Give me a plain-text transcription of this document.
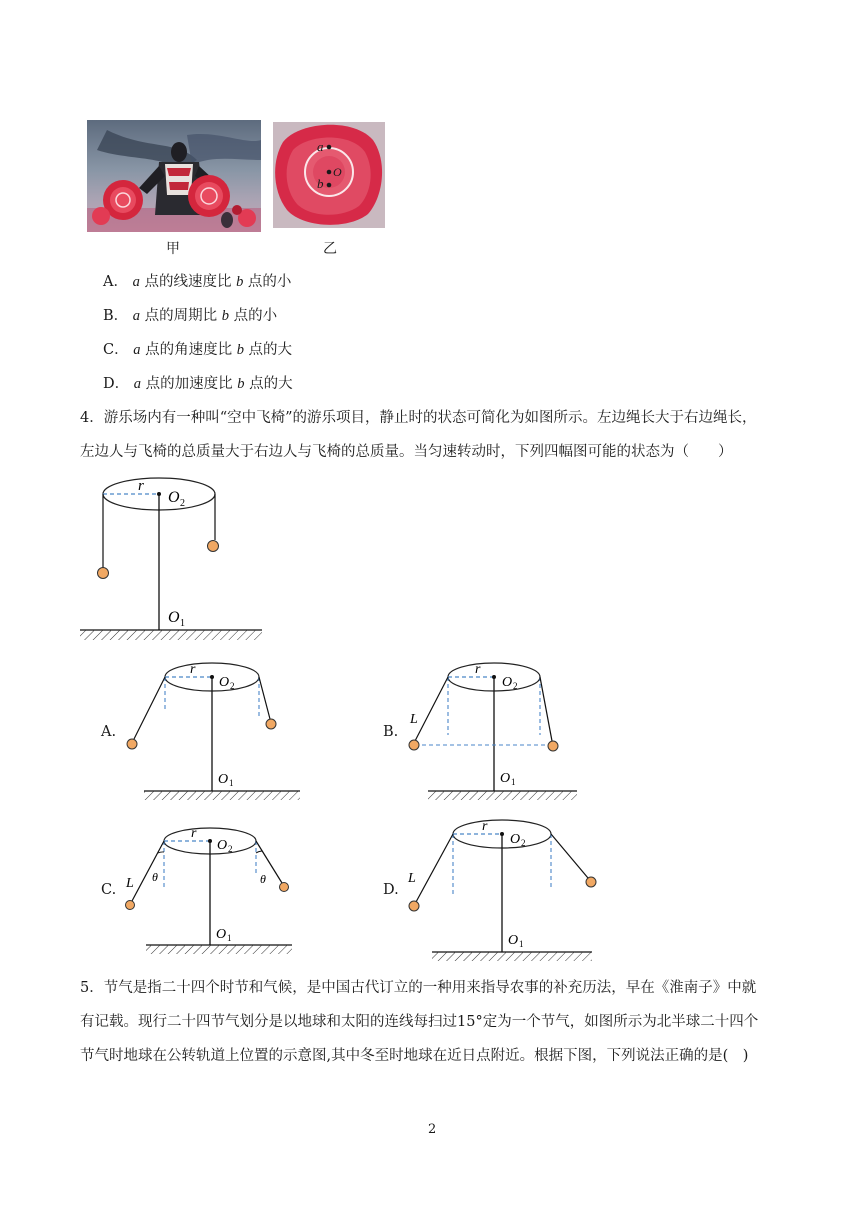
a
O
b
甲	乙
A． a 点的线速度比 b 点的小
B． a 点的周期比 b 点的小
C． a 点的角速度比 b 点的大
D． a 点的加速度比 b 点的大
4．游乐场内有一种叫“空中飞椅”的游乐项目，静止时的状态可简化为如图所示。左边绳长大于右边绳长，
左边人与飞椅的总质量大于右边人与飞椅的总质量。当匀速转动时，下列四幅图可能的状态为（　　）
r
O 2
O 1
A.
r
O 2
O 1
B.
L
r
O 2
O 1
C. L θ	θ
r
O 2
O 1
D.
L
r
O 2
O 1
5．节气是指二十四个时节和气候，是中国古代订立的一种用来指导农事的补充历法，早在《淮南子》中就
有记载。现行二十四节气划分是以地球和太阳的连线每扫过15°定为一个节气，如图所示为北半球二十四个
节气时地球在公转轨道上位置的示意图,其中冬至时地球在近日点附近。根据下图，下列说法正确的是(　)
2
